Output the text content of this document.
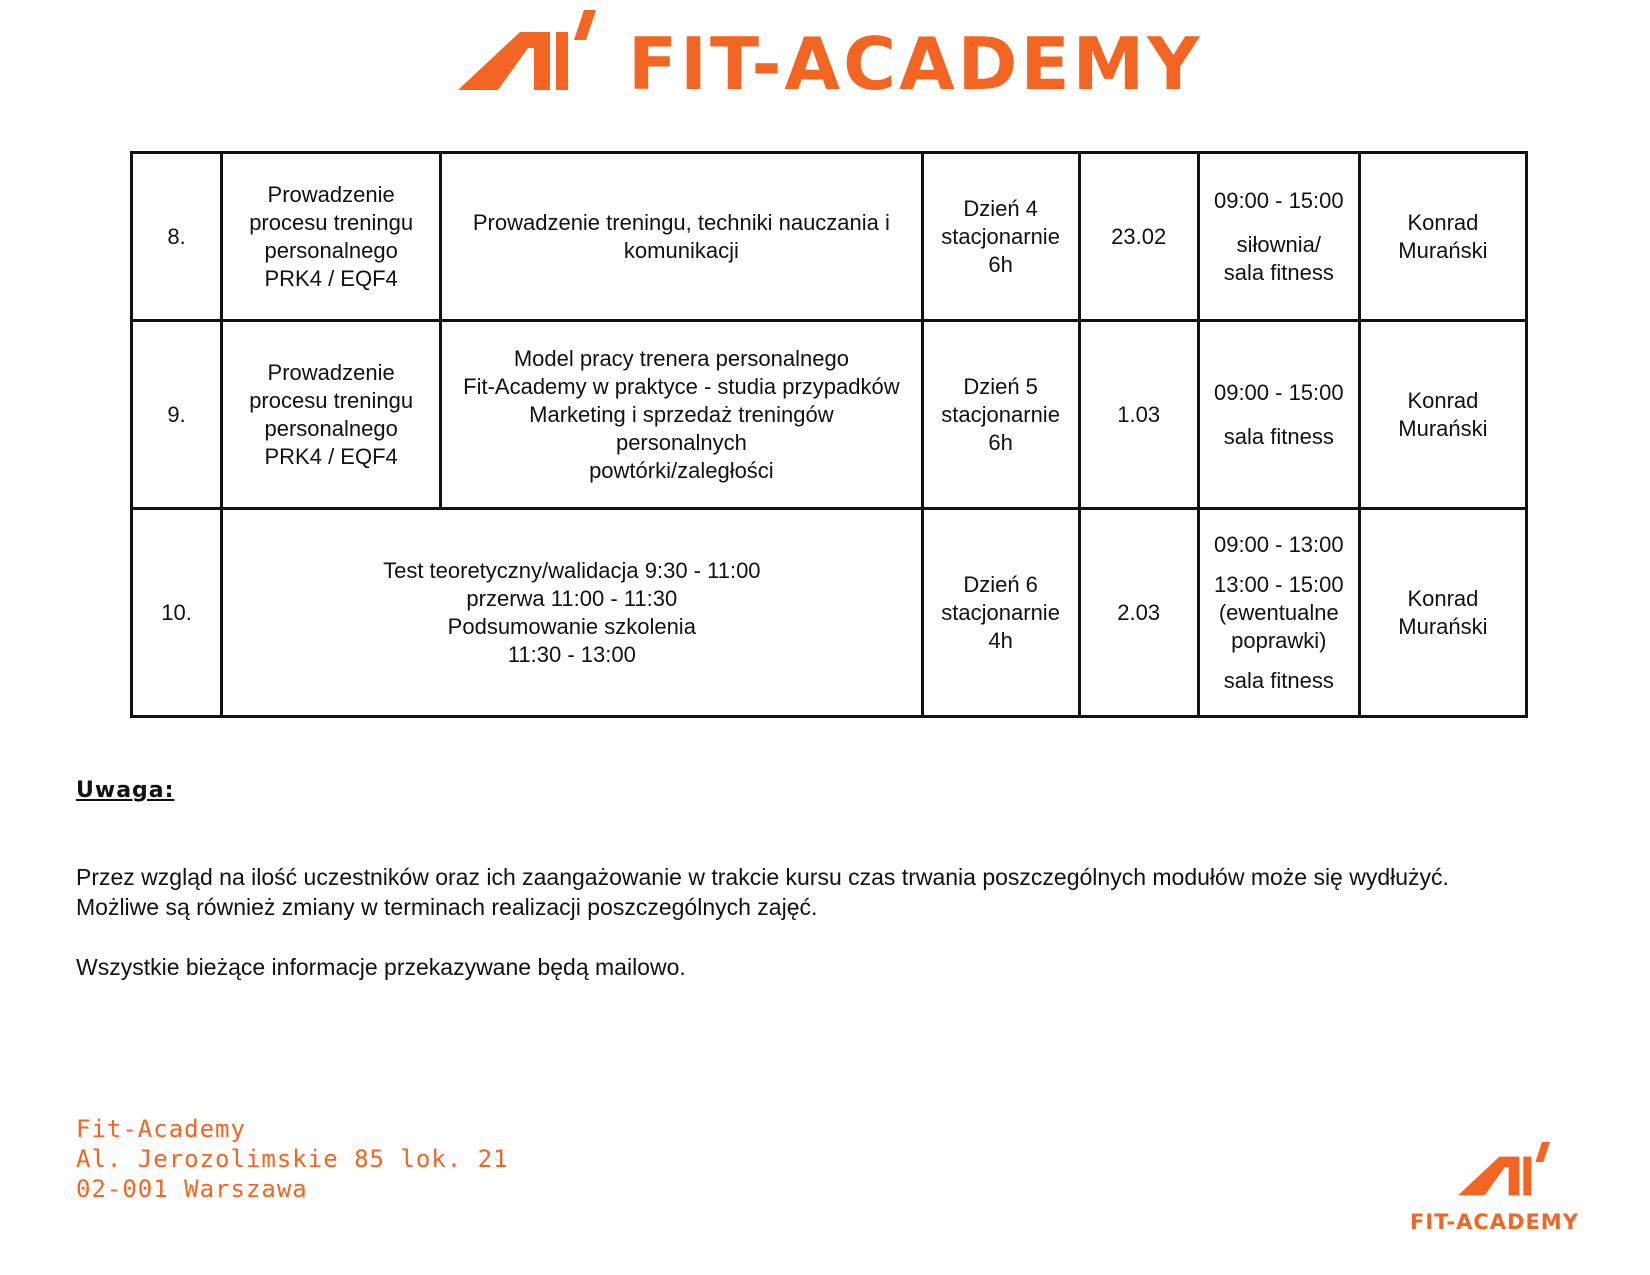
FIT-ACADEMY
8.	Prowadzenie
procesu treningu
personalnego
PRK4 / EQF4	Prowadzenie treningu, techniki nauczania i
komunikacji	Dzień 4
stacjonarnie
6h	23.02	09:00 - 15:00
siłownia/
sala fitness	Konrad
Murański

9.	Prowadzenie
procesu treningu
personalnego
PRK4 / EQF4	Model pracy trenera personalnego
Fit-Academy w praktyce - studia przypadków
Marketing i sprzedaż treningów
personalnych
powtórki/zaległości	Dzień 5
stacjonarnie
6h	1.03	09:00 - 15:00
sala fitness	Konrad
Murański

10.	Test teoretyczny/walidacja 9:30 - 11:00
przerwa 11:00 - 11:30
Podsumowanie szkolenia
11:30 - 13:00		Dzień 6
stacjonarnie
4h	2.03	09:00 - 13:00
13:00 - 15:00
(ewentualne
poprawki)
sala fitness	Konrad
Murański
Uwaga:

Przez wzgląd na ilość uczestników oraz ich zaangażowanie w trakcie kursu czas trwania poszczególnych modułów może się wydłużyć.

Możliwe są również zmiany w terminach realizacji poszczególnych zajęć.

Wszystkie bieżące informacje przekazywane będą mailowo.

Fit-Academy
Al. Jerozolimskie 85 lok. 21
02-001 Warszawa
FIT-ACADEMY
